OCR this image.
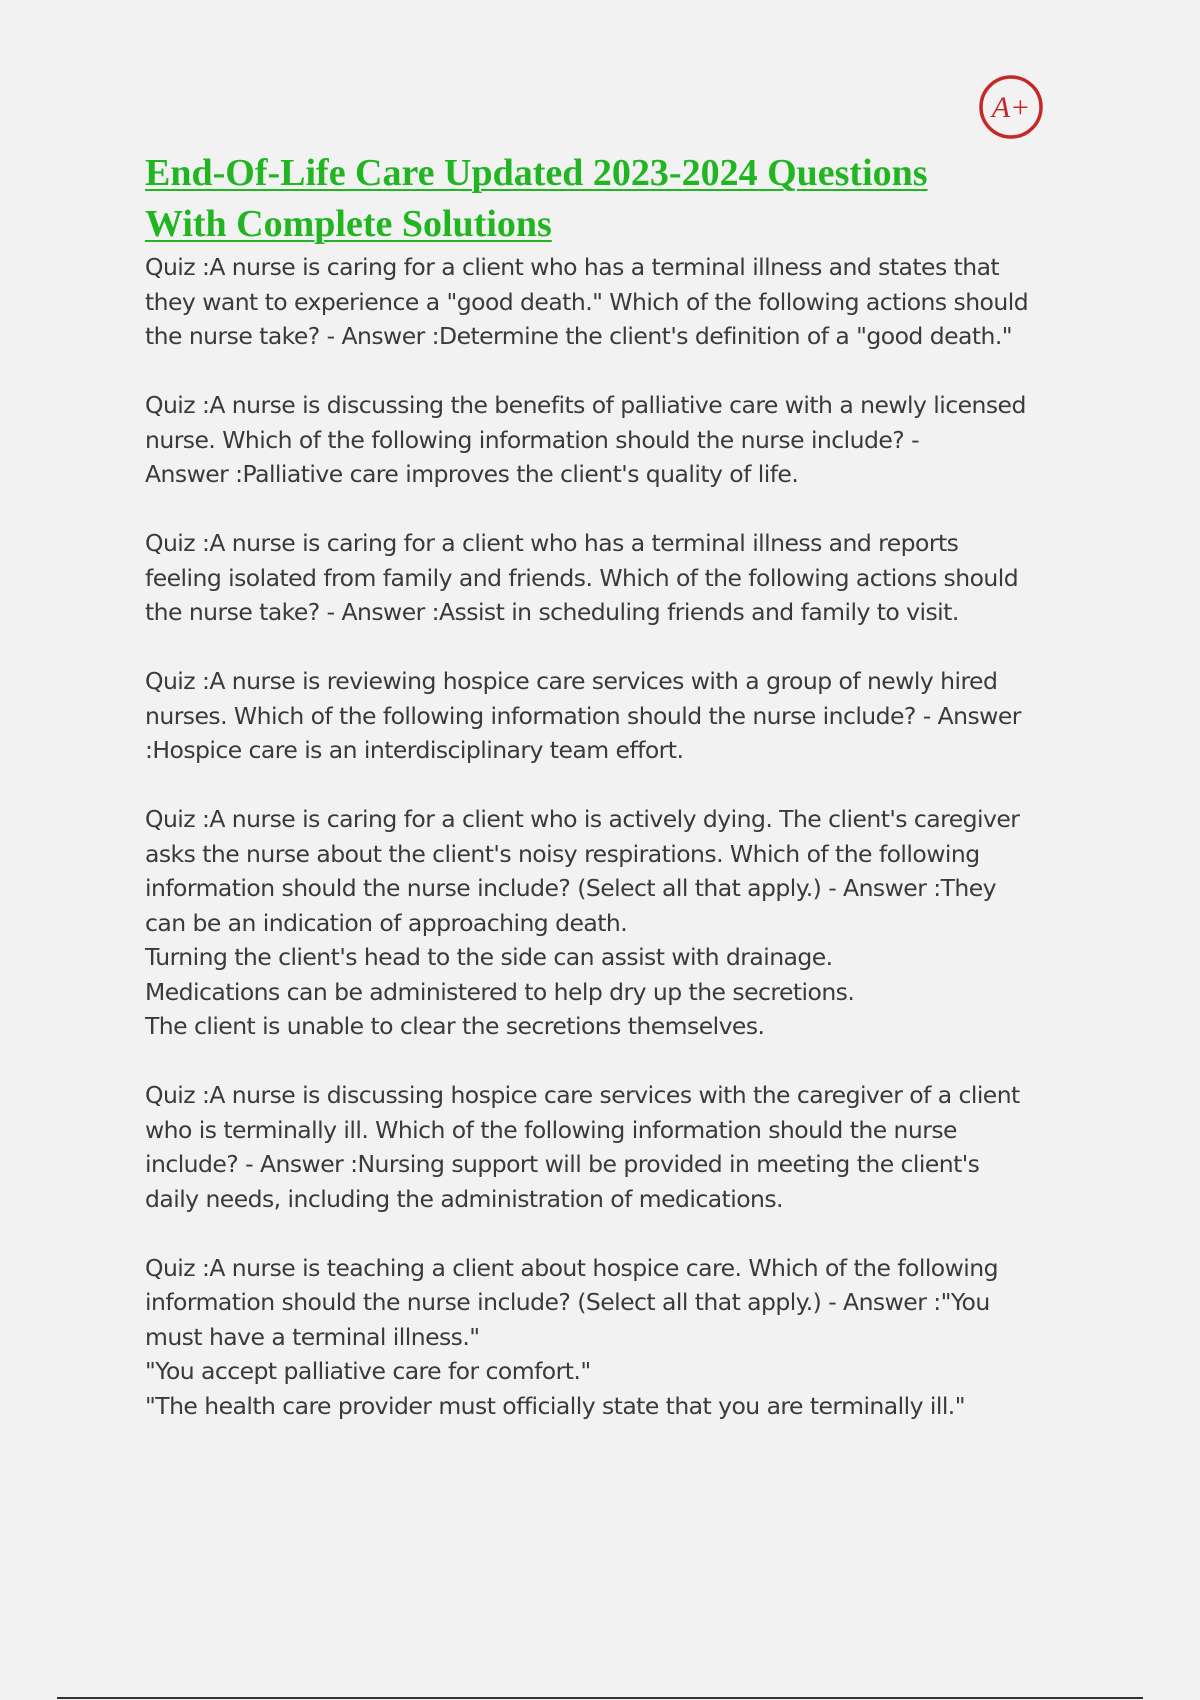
A+
End-Of-Life Care Updated 2023-2024 Questions
With Complete Solutions
Quiz :A nurse is caring for a client who has a terminal illness and states that
they want to experience a "good death." Which of the following actions should
the nurse take? - Answer :Determine the client's definition of a "good death."
Quiz :A nurse is discussing the benefits of palliative care with a newly licensed
nurse. Which of the following information should the nurse include? -
Answer :Palliative care improves the client's quality of life.
Quiz :A nurse is caring for a client who has a terminal illness and reports
feeling isolated from family and friends. Which of the following actions should
the nurse take? - Answer :Assist in scheduling friends and family to visit.
Quiz :A nurse is reviewing hospice care services with a group of newly hired
nurses. Which of the following information should the nurse include? - Answer
:Hospice care is an interdisciplinary team effort.
Quiz :A nurse is caring for a client who is actively dying. The client's caregiver
asks the nurse about the client's noisy respirations. Which of the following
information should the nurse include? (Select all that apply.) - Answer :They
can be an indication of approaching death.
Turning the client's head to the side can assist with drainage.
Medications can be administered to help dry up the secretions.
The client is unable to clear the secretions themselves.
Quiz :A nurse is discussing hospice care services with the caregiver of a client
who is terminally ill. Which of the following information should the nurse
include? - Answer :Nursing support will be provided in meeting the client's
daily needs, including the administration of medications.
Quiz :A nurse is teaching a client about hospice care. Which of the following
information should the nurse include? (Select all that apply.) - Answer :"You
must have a terminal illness."
"You accept palliative care for comfort."
"The health care provider must officially state that you are terminally ill."
